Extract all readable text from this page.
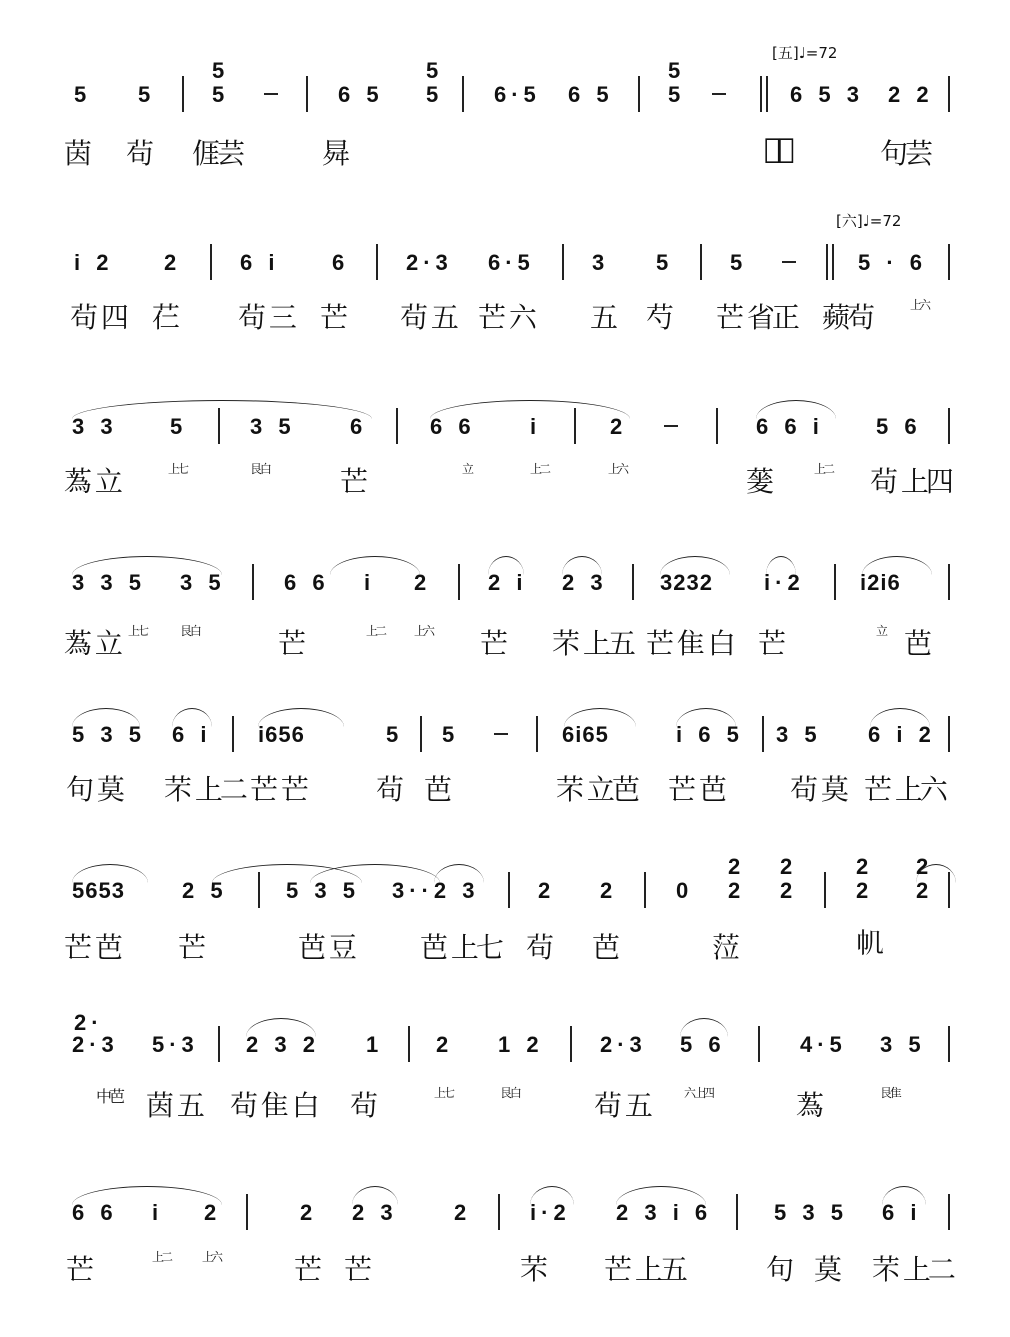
[五]♩=72
[六]♩=72
5 5
5
5	6 5
5
5 6·5 6 5
5
5	6 5 3 2 2
茵 茍 𠊎芸	曻	𫗊䃃	句芸
i 2 2	6 i 6	2·3 6·5	3 5	5	5 · 6
茍 四 芢 茍 三 芒 茍 五 芒 六 五 芍 芒 省正 𬞟茍	上六
3 3 5	3 5 6	6 6 i	2	6 6 i 5 6
蒍 立	上七	艮 白	芒	立	上二	上六	蓌	上二 茍 上四
3 3 5 3 5	6 6 i 2	2 i 2 3 3232 i·2	i2i6
蒍 立 上七	艮 白	芒	上二 上六 芒 芣 上五 芒 隹 白 芒	立 芭
5 3 5 6 i i656	5 5	6i65	i 6 5 3 5 6 i 2
句 莫 芣 上二 芒 芒	茍 芭	芣 立 芭 芒 芭 茍 莫 芒 上六
5653	2 5	5 3 5 3··2 3	2 2	0
2
2
2
2
2
2
2
2
芒 芭 芒	芭 豆 芭 上七 茍 芭	𦲷	𢁒
2·
2·3 5·3 2 3 2 1 2 1 2	2·3 5 6	4·5 3 5
中芭 茵 五 茍 隹 白 茍	上七	艮 白	茍 五	六 上四	蒍	艮 隹
6 6 i 2	2 2 3	2	i·2 2 3 i 6	5 3 5 6 i
芒	上二	上六	芒 芒	芣 芒 上五	句 莫 芣 上二
